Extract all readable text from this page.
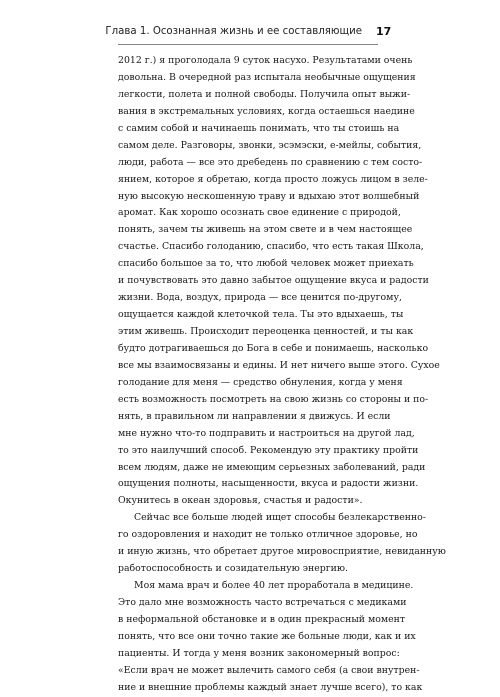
Глава 1. Осознанная жизнь и ее составляющие 17
2012 г.) я проголодала 9 суток насухо. Результатами очень
довольна. В очередной раз испытала необычные ощущения
легкости, полета и полной свободы. Получила опыт выжи-
вания в экстремальных условиях, когда остаешься наедине
с самим собой и начинаешь понимать, что ты стоишь на
самом деле. Разговоры, звонки, эсэмэски, е-мейлы, события,
люди, работа — все это дребедень по сравнению с тем состо-
янием, которое я обретаю, когда просто ложусь лицом в зеле-
ную высокую нескошенную траву и вдыхаю этот волшебный
аромат. Как хорошо осознать свое единение с природой,
понять, зачем ты живешь на этом свете и в чем настоящее
счастье. Спасибо голоданию, спасибо, что есть такая Школа,
спасибо большое за то, что любой человек может приехать
и почувствовать это давно забытое ощущение вкуса и радости
жизни. Вода, воздух, природа — все ценится по-другому,
ощущается каждой клеточкой тела. Ты это вдыхаешь, ты
этим живешь. Происходит переоценка ценностей, и ты как
будто дотрагиваешься до Бога в себе и понимаешь, насколько
все мы взаимосвязаны и едины. И нет ничего выше этого. Сухое
голодание для меня — средство обнуления, когда у меня
есть возможность посмотреть на свою жизнь со стороны и по-
нять, в правильном ли направлении я движусь. И если
мне нужно что-то подправить и настроиться на другой лад,
то это наилучший способ. Рекомендую эту практику пройти
всем людям, даже не имеющим серьезных заболеваний, ради
ощущения полноты, насыщенности, вкуса и радости жизни.
Окунитесь в океан здоровья, счастья и радости».
Сейчас все больше людей ищет способы безлекарственно-
го оздоровления и находит не только отличное здоровье, но
и иную жизнь, что обретает другое мировосприятие, невиданную
работоспособность и созидательную энергию.
Моя мама врач и более 40 лет проработала в медицине.
Это дало мне возможность часто встречаться с медиками
в неформальной обстановке и в один прекрасный момент
понять, что все они точно такие же больные люди, как и их
пациенты. И тогда у меня возник закономерный вопрос:
«Если врач не может вылечить самого себя (а свои внутрен-
ние и внешние проблемы каждый знает лучше всего), то как
